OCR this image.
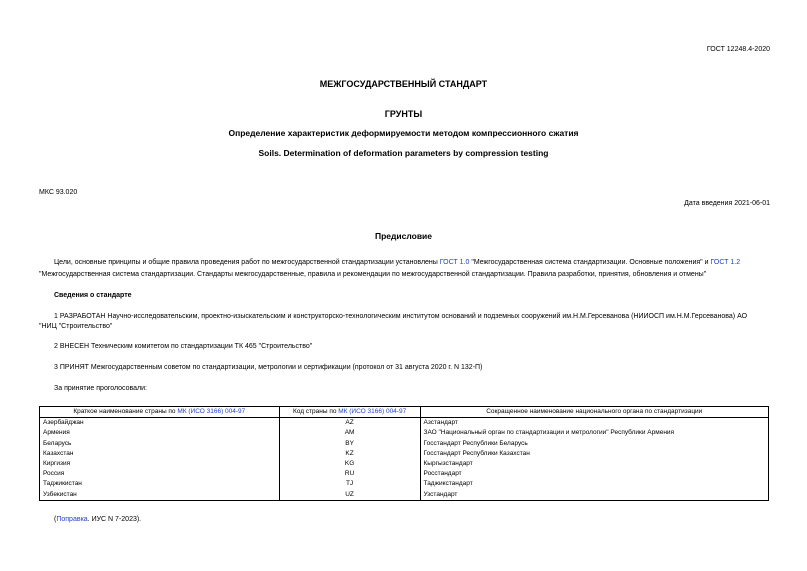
ГОСТ 12248.4-2020
МЕЖГОСУДАРСТВЕННЫЙ СТАНДАРТ
ГРУНТЫ
Определение характеристик деформируемости методом компрессионного сжатия
Soils. Determination of deformation parameters by compression testing
МКС 93.020
Дата введения 2021-06-01
Предисловие
Цели, основные принципы и общие правила проведения работ по межгосударственной стандартизации установлены ГОСТ 1.0 "Межгосударственная система стандартизации. Основные положения" и ГОСТ 1.2
"Межгосударственная система стандартизации. Стандарты межгосударственные, правила и рекомендации по межгосударственной стандартизации. Правила разработки, принятия, обновления и отмены"
Сведения о стандарте
1 РАЗРАБОТАН Научно-исследовательским, проектно-изыскательским и конструкторско-технологическим институтом оснований и подземных сооружений им.Н.М.Герсеванова (НИИОСП им.Н.М.Герсеванова) АО
"НИЦ "Строительство"
2 ВНЕСЕН Техническим комитетом по стандартизации ТК 465 "Строительство"
3 ПРИНЯТ Межгосударственным советом по стандартизации, метрологии и сертификации (протокол от 31 августа 2020 г. N 132-П)
За принятие проголосовали:
Краткое наименование страны по МК (ИСО 3166) 004-97	Код страны по МК (ИСО 3166) 004-97	Сокращенное наименование национального органа по стандартизации
Азербайджан	AZ	Азстандарт
Армения	AM	ЗАО "Национальный орган по стандартизации и метрологии" Республики Армения
Беларусь	BY	Госстандарт Республики Беларусь
Казахстан	KZ	Госстандарт Республики Казахстан
Киргизия	KG	Кыргызстандарт
Россия	RU	Росстандарт
Таджикистан	TJ	Таджикстандарт
Узбекистан	UZ	Узстандарт
(Поправка. ИУС N 7-2023).
